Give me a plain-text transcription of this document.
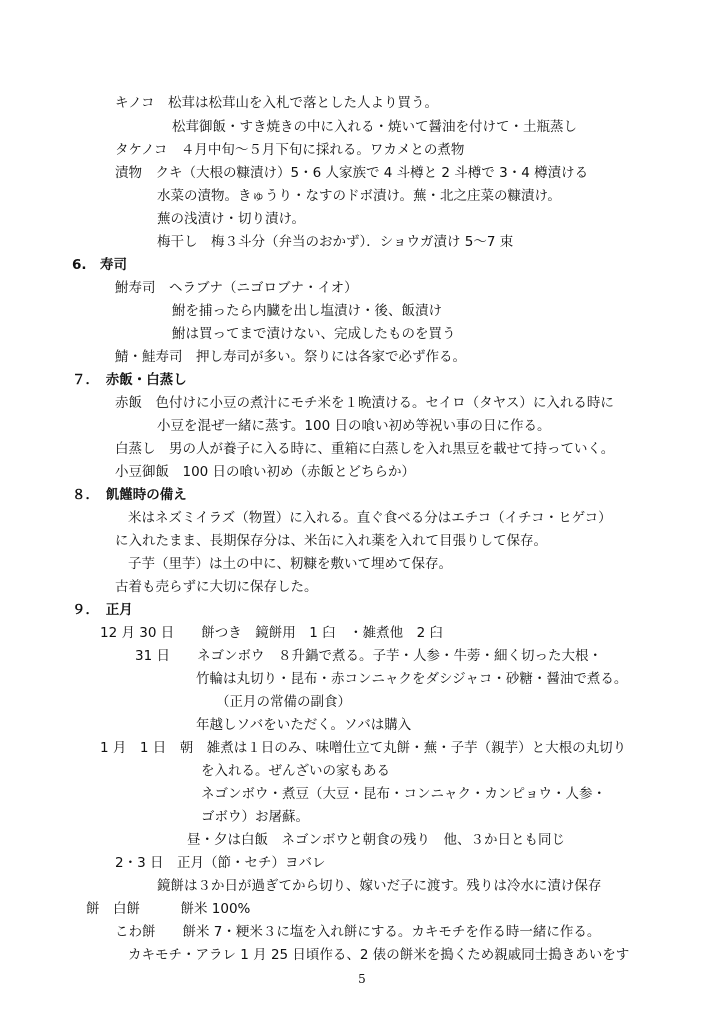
キノコ　松茸は松茸山を入札で落とした人より買う。
松茸御飯・すき焼きの中に入れる・焼いて醤油を付けて・土瓶蒸し
タケノコ　４月中旬～５月下旬に採れる。ワカメとの煮物
漬物　クキ（大根の糠漬け）5・6 人家族で 4 斗樽と 2 斗樽で 3・4 樽漬ける
水菜の漬物。きゅうり・なすのドボ漬け。蕪・北之庄菜の糠漬け。
蕪の浅漬け・切り漬け。
梅干し　梅３斗分（弁当のおかず）．ショウガ漬け 5～7 束
6.　寿司
鮒寿司　ヘラブナ（ニゴロブナ・イオ）
鮒を捕ったら内臓を出し塩漬け・後、飯漬け
鮒は買ってまで漬けない、完成したものを買う
鯖・鮭寿司　押し寿司が多い。祭りには各家で必ず作る。
７．　赤飯・白蒸し
赤飯　色付けに小豆の煮汁にモチ米を１晩漬ける。セイロ（タヤス）に入れる時に
小豆を混ぜ一緒に蒸す。100 日の喰い初め等祝い事の日に作る。
白蒸し　男の人が養子に入る時に、重箱に白蒸しを入れ黒豆を載せて持っていく。
小豆御飯　100 日の喰い初め（赤飯とどちらか）
８．　飢饉時の備え
米はネズミイラズ（物置）に入れる。直ぐ食べる分はエチコ（イチコ・ヒゲコ）
に入れたまま、長期保存分は、米缶に入れ薬を入れて目張りして保存。
子芋（里芋）は土の中に、籾糠を敷いて埋めて保存。
古着も売らずに大切に保存した。
９．　正月
12 月 30 日　　餅つき　鏡餅用　1 臼　・雑煮他　2 臼
31 日　　ネゴンボウ　８升鍋で煮る。子芋・人参・牛蒡・細く切った大根・
竹輪は丸切り・昆布・赤コンニャクをダシジャコ・砂糖・醤油で煮る。
（正月の常備の副食）
年越しソバをいただく。ソバは購入
1 月　1 日　朝　雑煮は１日のみ、味噌仕立て丸餅・蕪・子芋（親芋）と大根の丸切り
を入れる。ぜんざいの家もある
ネゴンボウ・煮豆（大豆・昆布・コンニャク・カンピョウ・人参・
ゴボウ）お屠蘇。
昼・夕は白飯　ネゴンボウと朝食の残り　他、３か日とも同じ
2・3 日　正月（節・セチ）ヨバレ
鏡餅は３か日が過ぎてから切り、嫁いだ子に渡す。残りは冷水に漬け保存
餅　白餅　　　餅米 100%
こわ餅　　餅米 7・粳米３に塩を入れ餅にする。カキモチを作る時一緒に作る。
カキモチ・アラレ 1 月 25 日頃作る、2 俵の餅米を搗くため親戚同士搗きあいをす
5
